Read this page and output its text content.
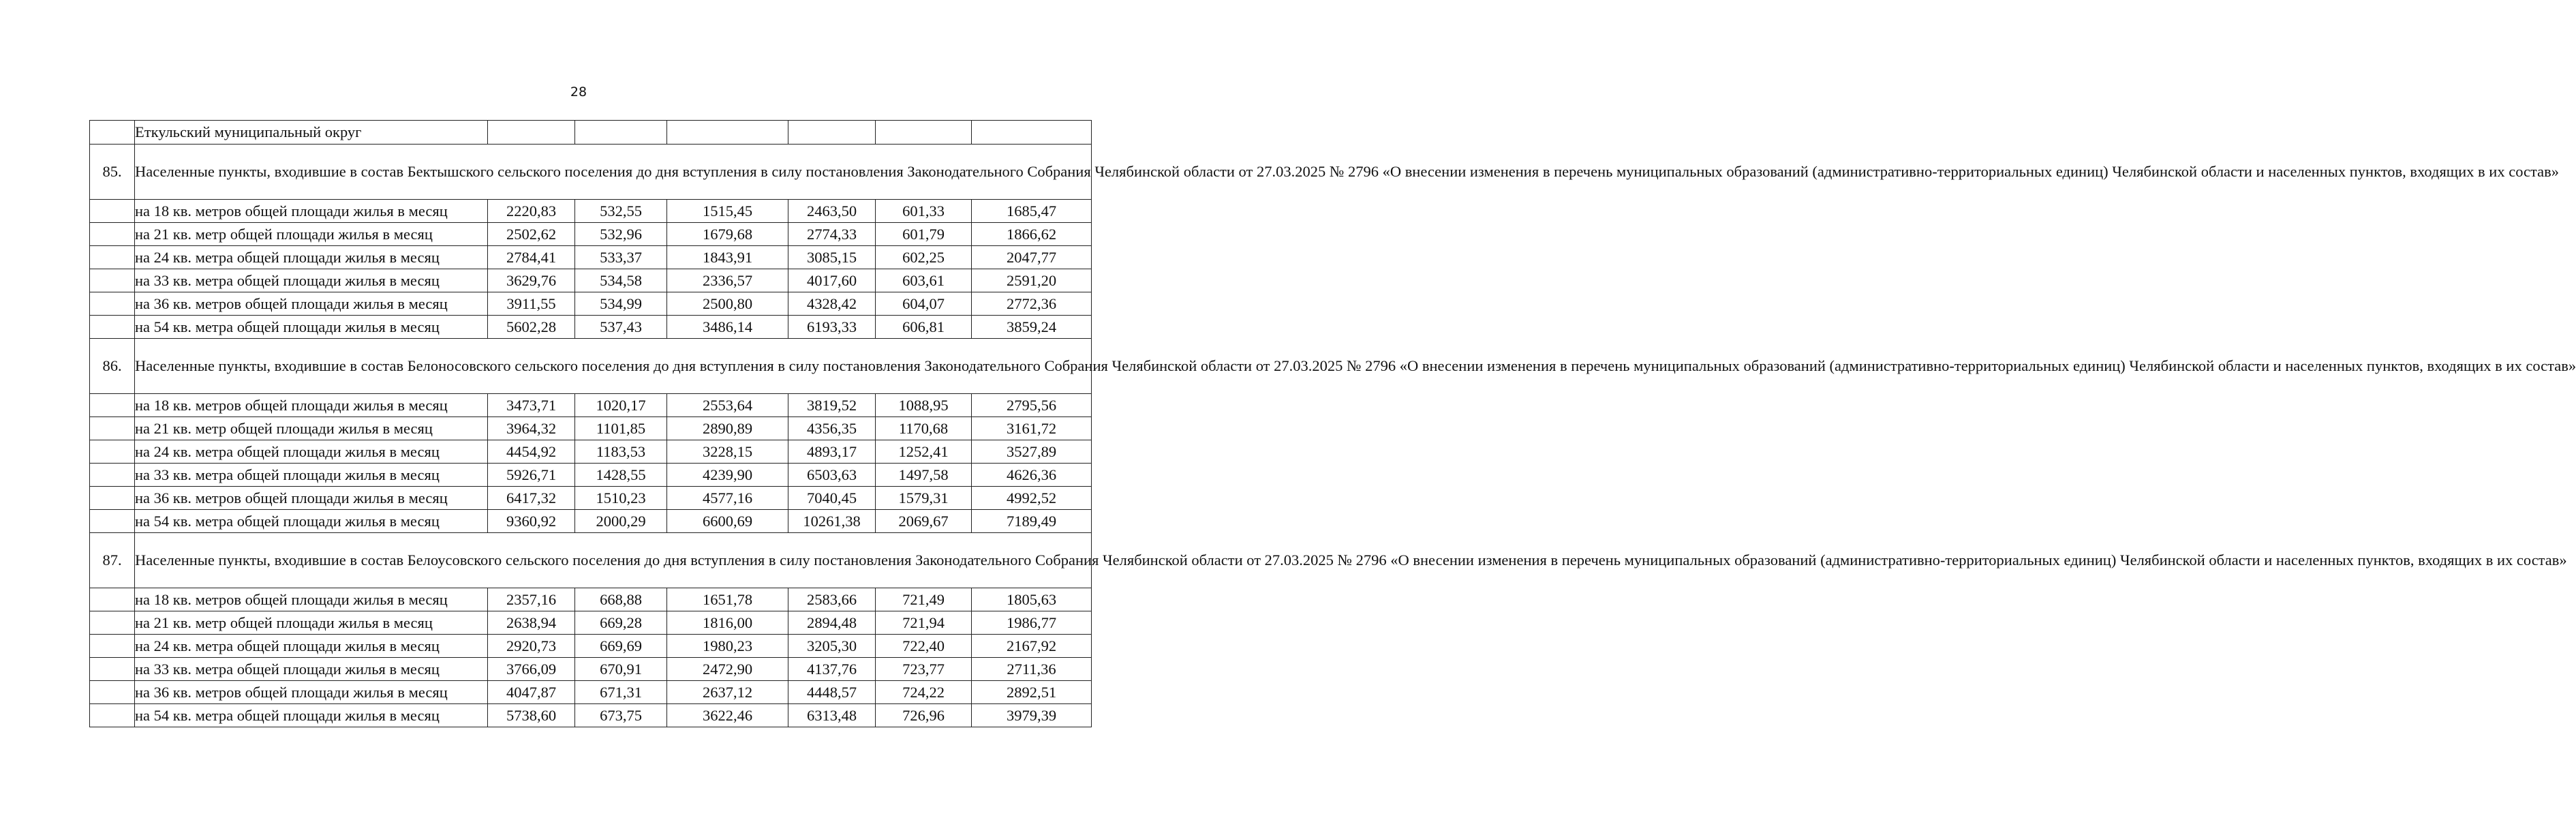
28
	Еткульский муниципальный округ						
85.	Населенные пункты, входившие в состав Бектышского сельского поселения до дня вступления в силу постановления Законодательного Собрания Челябинской области от 27.03.2025 № 2796 «О внесении изменения в перечень муниципальных образований (административно-территориальных единиц) Челябинской области и населенных пунктов, входящих в их состав»						
	на 18 кв. метров общей площади жилья в месяц	2220,83	532,55	1515,45	2463,50	601,33	1685,47
	на 21 кв. метр общей площади жилья в месяц	2502,62	532,96	1679,68	2774,33	601,79	1866,62
	на 24 кв. метра общей площади жилья в месяц	2784,41	533,37	1843,91	3085,15	602,25	2047,77
	на 33 кв. метра общей площади жилья в месяц	3629,76	534,58	2336,57	4017,60	603,61	2591,20
	на 36 кв. метров общей площади жилья в месяц	3911,55	534,99	2500,80	4328,42	604,07	2772,36
	на 54 кв. метра общей площади жилья в месяц	5602,28	537,43	3486,14	6193,33	606,81	3859,24
86.	Населенные пункты, входившие в состав Белоносовского сельского поселения до дня вступления в силу постановления Законодательного Собрания Челябинской области от 27.03.2025 № 2796 «О внесении изменения в перечень муниципальных образований (административно-территориальных единиц) Челябинской области и населенных пунктов, входящих в их состав»						
	на 18 кв. метров общей площади жилья в месяц	3473,71	1020,17	2553,64	3819,52	1088,95	2795,56
	на 21 кв. метр общей площади жилья в месяц	3964,32	1101,85	2890,89	4356,35	1170,68	3161,72
	на 24 кв. метра общей площади жилья в месяц	4454,92	1183,53	3228,15	4893,17	1252,41	3527,89
	на 33 кв. метра общей площади жилья в месяц	5926,71	1428,55	4239,90	6503,63	1497,58	4626,36
	на 36 кв. метров общей площади жилья в месяц	6417,32	1510,23	4577,16	7040,45	1579,31	4992,52
	на 54 кв. метра общей площади жилья в месяц	9360,92	2000,29	6600,69	10261,38	2069,67	7189,49
87.	Населенные пункты, входившие в состав Белоусовского сельского поселения до дня вступления в силу постановления Законодательного Собрания Челябинской области от 27.03.2025 № 2796 «О внесении изменения в перечень муниципальных образований (административно-территориальных единиц) Челябинской области и населенных пунктов, входящих в их состав»						
	на 18 кв. метров общей площади жилья в месяц	2357,16	668,88	1651,78	2583,66	721,49	1805,63
	на 21 кв. метр общей площади жилья в месяц	2638,94	669,28	1816,00	2894,48	721,94	1986,77
	на 24 кв. метра общей площади жилья в месяц	2920,73	669,69	1980,23	3205,30	722,40	2167,92
	на 33 кв. метра общей площади жилья в месяц	3766,09	670,91	2472,90	4137,76	723,77	2711,36
	на 36 кв. метров общей площади жилья в месяц	4047,87	671,31	2637,12	4448,57	724,22	2892,51
	на 54 кв. метра общей площади жилья в месяц	5738,60	673,75	3622,46	6313,48	726,96	3979,39
